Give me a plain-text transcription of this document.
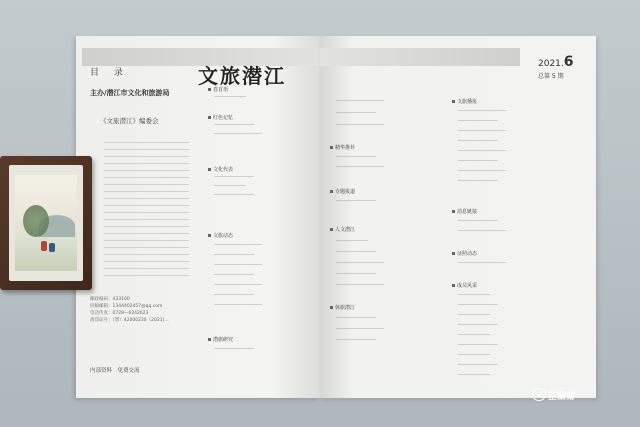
目 录
主办/潜江市文化和旅游局
《文旅潜江》编委会
邮政编码：433100
投稿邮箱：1344402457@qq.com
电话传真：0728—6242623
准印证号：（鄂）42000230（2021)...
内部资料　免费交流
卷首语
————————
红色记忆
——————————
————————————
文化代表
——————————
————————
——————————
文旅动态
————————————
——————————
————————————
——————————
————————————
——————————
————————————
潜旅研究
——————————
文旅潜江	2021.6
总第 5 期
————————————
——————————
————————————
精华推荐
——————————
————————————
专题报道
——————————
人文潜江
————————
——————————
————————————
——————————
————————————
休旅潜江
——————————
————————————
——————————
文旅播报
————————————
——————————
————————————
——————————
————————————
——————————
————————————
——————————
消息链接
——————————
————————————
证照动态
————————————
成员风采
————————
——————————
————————
——————————
————————
——————————
————————
——————————
————————
芷蘭齋
